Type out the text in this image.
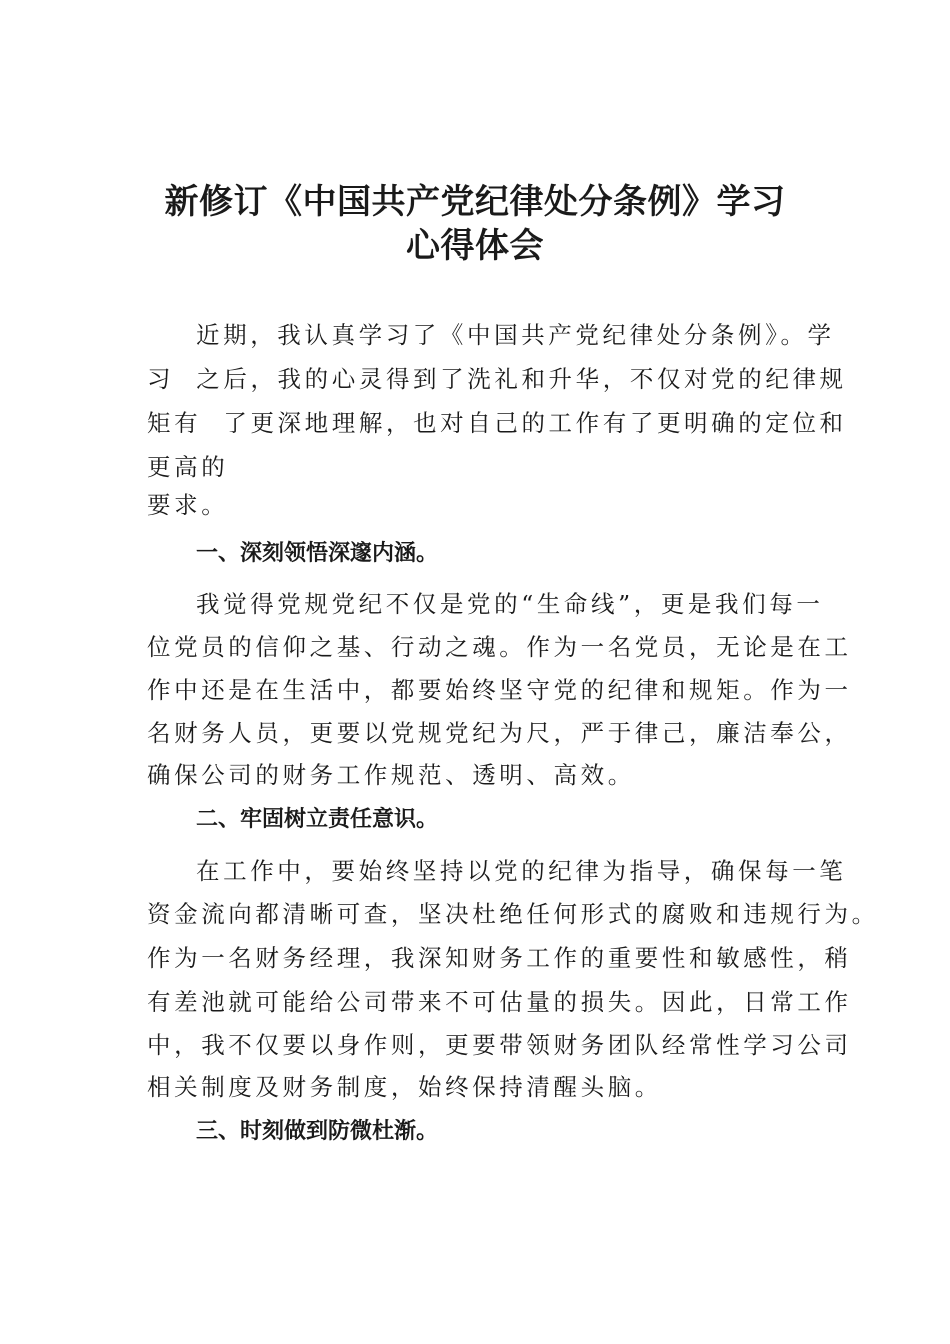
新修订《中国共产党纪律处分条例》学习
心得体会

近期，我认真学习了《中国共产党纪律处分条例》。学

习  之后，我的心灵得到了洗礼和升华，不仅对党的纪律规

矩有  了更深地理解，也对自己的工作有了更明确的定位和

更高的

要求。

一、深刻领悟深邃内涵。

我觉得党规党纪不仅是党的“生命线”，更是我们每一

位党员的信仰之基、行动之魂。作为一名党员，无论是在工

作中还是在生活中，都要始终坚守党的纪律和规矩。作为一

名财务人员，更要以党规党纪为尺，严于律己，廉洁奉公，

确保公司的财务工作规范、透明、高效。

二、牢固树立责任意识。

在工作中，要始终坚持以党的纪律为指导，确保每一笔

资金流向都清晰可查，坚决杜绝任何形式的腐败和违规行为。

作为一名财务经理，我深知财务工作的重要性和敏感性，稍

有差池就可能给公司带来不可估量的损失。因此，日常工作

中，我不仅要以身作则，更要带领财务团队经常性学习公司

相关制度及财务制度，始终保持清醒头脑。

三、时刻做到防微杜渐。
